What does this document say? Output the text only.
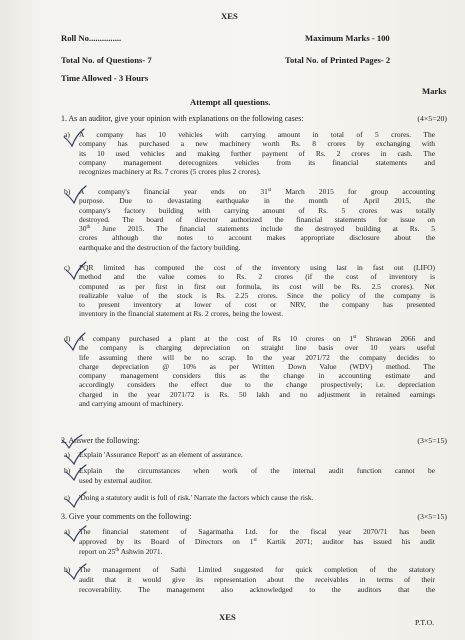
XES
Roll No...............	Maximum Marks - 100
Total No. of Questions- 7	Total No. of Printed Pages- 2
Time Allowed - 3 Hours
Marks
Attempt all questions.
1. As an auditor, give your opinion with explanations on the following cases:	(4×5=20)
a) A company has 10 vehicles with carrying amount in total of 5 crores. The
company has purchased a new machinery worth Rs. 8 crores by exchanging with
its 10 used vehicles and making further payment of Rs. 2 crores in cash. The
company management derecognizes vehicles from its financial statements and
recognizes machinery at Rs. 7 crores (5 crores plus 2 crores).
b) A company's financial year ends on 31st March 2015 for group accounting
purpose. Due to devastating earthquake in the month of April 2015, the
company's factory building with carrying amount of Rs. 5 crores was totally
destroyed. The board of director authorized the financial statements for issue on
30th June 2015. The financial statements include the destroyed building at Rs. 5
crores although the notes to account makes appropriate disclosure about the
earthquake and the destruction of the factory building.
c) PQR limited has computed the cost of the inventory using last in fast out (LIFO)
method and the value comes to Rs. 2 crores (if the cost of inventory is
computed as per first in first out formula, its cost will be Rs. 2.5 crores). Net
realizable value of the stock is Rs. 2.25 crores. Since the policy of the company is
to present inventory at lower of cost or NRV, the company has presented
inventory in the financial statement at Rs. 2 crores, being the lowest.
d) A company purchased a plant at the cost of Rs 10 crores on 1st Shrawan 2066 and
the company is charging depreciation on straight line basis over 10 years useful
life assuming there will be no scrap. In the year 2071/72 the company decides to
charge depreciation @ 10% as per Written Down Value (WDV) method. The
company management considers this as the change in accounting estimate and
accordingly considers the effect due to the change prospectively; i.e. depreciation
charged in the year 2071/72 is Rs. 50 lakh and no adjustment in retained earnings
and carrying amount of machinery.
2. Answer the following:	(3×5=15)
a) Explain 'Assurance Report' as an element of assurance.
b) Explain the circumstances when work of the internal audit function cannot be
used by external auditor.
c) 'Doing a statutory audit is full of risk.' Narrate the factors which cause the risk.
3. Give your comments on the following:	(3×5=15)
a) The financial statement of Sagarmatha Ltd. for the fiscal year 2070/71 has been
approved by its Board of Directors on 1st Kartik 2071; auditor has issued his audit
report on 25th Ashwin 2071.
b) The management of Sathi Limited suggested for quick completion of the statutory
audit that it would give its representation about the receivables in terms of their
recoverability. The management also acknowledged to the auditors that the
XES
P.T.O.
